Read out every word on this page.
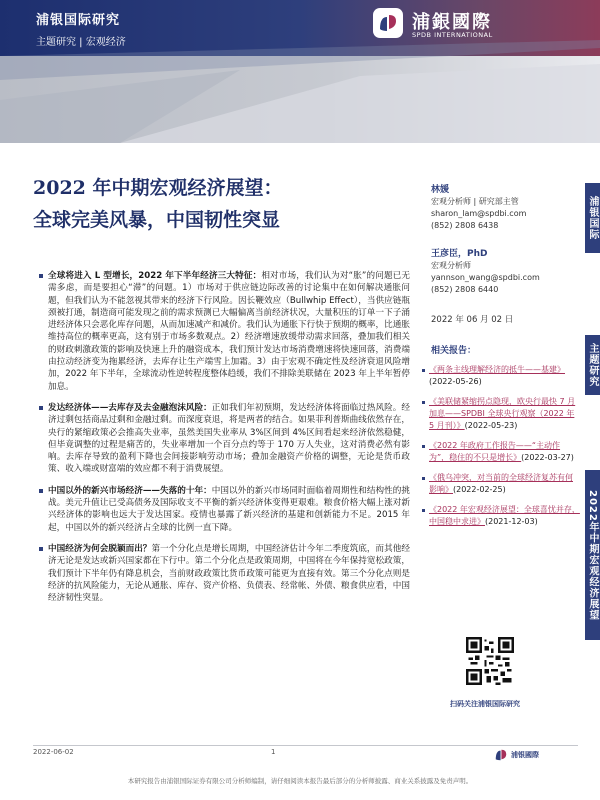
浦银国际研究
主题研究 | 宏观经济
浦銀國際
SPDB INTERNATIONAL
2022 年中期宏观经济展望：
全球完美风暴，中国韧性突显	浦银国际
主题研究
2022年中期宏观经济展望
林媛
宏观分析师 | 研究部主管
sharon_lam@spdbi.com
(852) 2808 6438
王彦臣，PhD
宏观分析师
yannson_wang@spdbi.com
(852) 2808 6440
2022 年 06 月 02 日
相关报告：
《两条主线理解经济的抵牛——基建》(2022-05-26)
《美联储紧缩拐点隐现，欧央行最快 7 月加息——SPDBI 全球央行观察（2022 年 5 月刊）》(2022-05-23)
《2022 年政府工作报告——“主动作为”，稳住的不只是增长》(2022-03-27)
《俄乌冲突，对当前的全球经济复苏有何影响》(2022-02-25)
《2022 年宏观经济展望：全球喜忧并存，中国稳中求进》(2021-12-03)
扫码关注浦银国际研究
全球将进入 L 型增长，2022 年下半年经济三大特征：相对市场，我们认为对“胀”的问题已无需多虑，而是要担心“滞”的问题。1）市场对于供应链边际改善的讨论集中在如何解决通胀问题，但我们认为不能忽视其带来的经济下行风险。因长鞭效应（Bullwhip Effect），当供应链瓶颈被打通，制造商可能发现之前的需求预测已大幅偏离当前经济状况，大量积压的订单一下子涌进经济体只会恶化库存问题，从而加速减产和减价。我们认为通胀下行快于预期的概率，比通胀维持高位的概率更高，这有别于市场多数观点。2）经济增速放缓带动需求回落，叠加我们相关的财政刺激政策的影响及快速上升的融资成本，我们预计发达市场消费增速将快速回落，消费端由拉动经济变为拖累经济，去库存让生产端雪上加霜。3）由于宏观不确定性及经济衰退风险增加，2022 年下半年，全球流动性逆转程度整体趋缓，我们不排除美联储在 2023 年上半年暂停加息。
发达经济体——去库存及去金融泡沫风险：正如我们年初预期，发达经济体将面临过热风险。经济过剩包括商品过剩和金融过剩。而深度衰退，将是两者的结合。如果菲利普斯曲线依然存在，央行的紧缩政策必会推高失业率，虽然美国失业率从 3%区间到 4%区间看起来经济依然稳健，但毕竟调整的过程是痛苦的，失业率增加一个百分点约等于 170 万人失业，这对消费必然有影响。去库存导致的盈利下降也会间接影响劳动市场；叠加金融资产价格的调整，无论是货币政策、收入端或财富端的效应都不利于消费展望。
中国以外的新兴市场经济——失落的十年：中国以外的新兴市场同时面临着周期性和结构性的挑战。美元升值让已受高债务及国际收支不平衡的新兴经济体变得更艰难。粮食价格大幅上涨对新兴经济体的影响也远大于发达国家。疫情也暴露了新兴经济的基建和创新能力不足。2015 年起，中国以外的新兴经济占全球的比例一直下降。
中国经济为何会脱颖而出？第一个分化点是增长周期，中国经济估计今年二季度筑底，而其他经济无论是发达或新兴国家都在下行中。第二个分化点是政策周期，中国将在今年保持宽松政策，我们预计下半年仍有降息机会，当前财政政策比货币政策可能更为直接有效。第三个分化点则是经济的抗风险能力，无论从通胀、库存、资产价格、负债表、经常帐、外债、粮食供应看，中国经济韧性突显。
2022-06-02	1	浦银國際
本研究报告由浦银国际证券有限公司分析师编制，请仔细阅读本报告最后部分的分析师披露、商业关系披露及免责声明。
